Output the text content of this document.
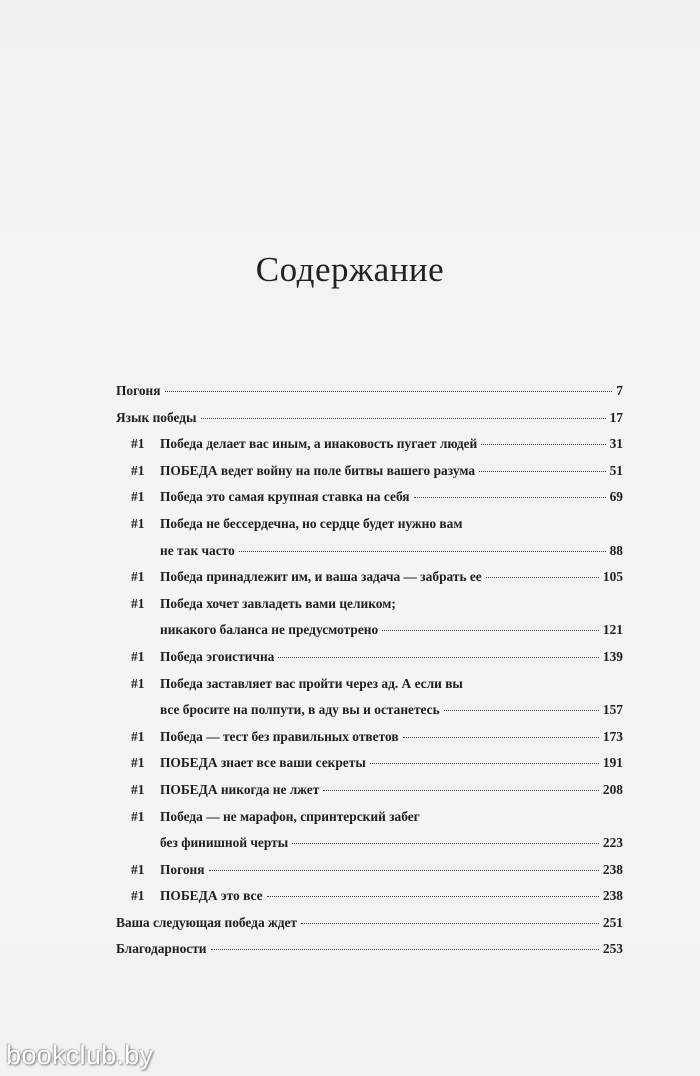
Содержание
Погоня	7
Язык победы	17
#1	Победа делает вас иным, а инаковость пугает людей	31
#1	ПОБЕДА ведет войну на поле битвы вашего разума	51
#1	Победа это самая крупная ставка на себя	69
#1	Победа не бессердечна, но сердце будет нужно вам
не так часто	88
#1	Победа принадлежит им, и ваша задача — забрать ее	105
#1	Победа хочет завладеть вами целиком;
никакого баланса не предусмотрено	121
#1	Победа эгоистична	139
#1	Победа заставляет вас пройти через ад. А если вы
все бросите на полпути, в аду вы и останетесь	157
#1	Победа — тест без правильных ответов	173
#1	ПОБЕДА знает все ваши секреты	191
#1	ПОБЕДА никогда не лжет	208
#1	Победа — не марафон, спринтерский забег
без финишной черты	223
#1	Погоня	238
#1	ПОБЕДА это все	238
Ваша следующая победа ждет	251
Благодарности	253
bookclub.by
